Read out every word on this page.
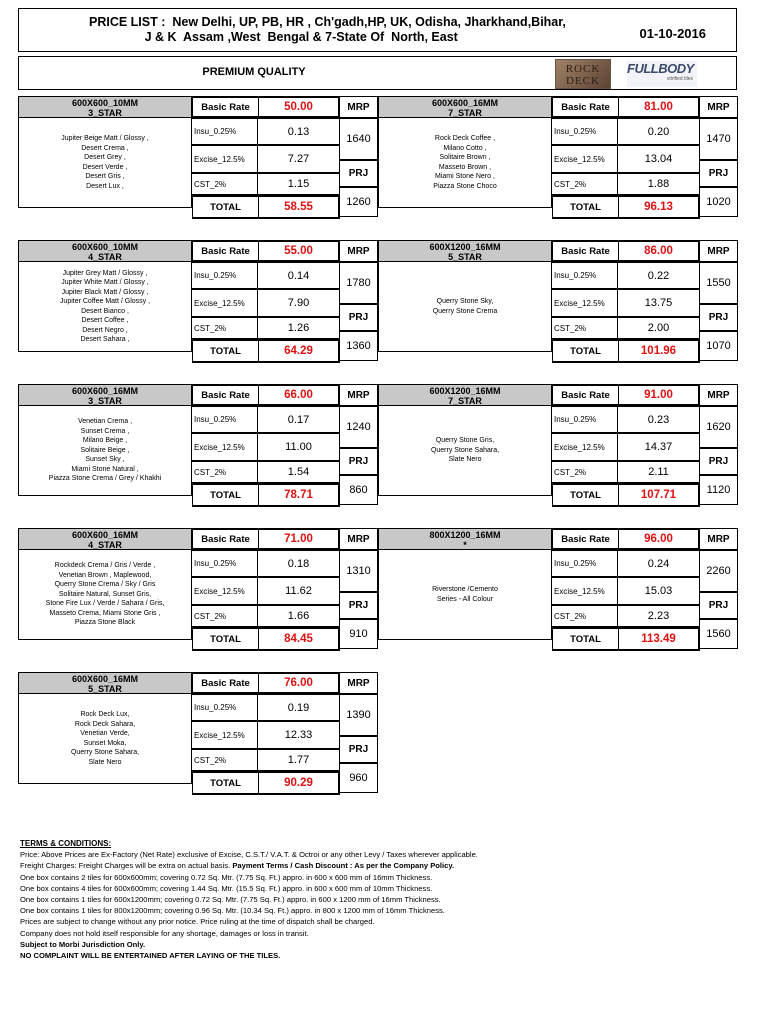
PRICE LIST :  New Delhi, UP, PB, HR , Ch'gadh,HP, UK, Odisha, Jharkhand,Bihar,
J & K  Assam ,West  Bengal & 7-State Of  North, East	01-10-2016
PREMIUM QUALITY	ROCK
DECK
FULLBODY
vitrified tiles
600X600_10MM
3_STAR
Jupiter Beige Matt / Glossy ,
Desert Crema ,
Desert Grey ,
Desert Verde ,
Desert Gris ,
Desert Lux ,
Basic Rate	50.00
Insu_0.25%	0.13
Excise_12.5%	7.27
CST_2%	1.15
TOTAL	58.55
MRP
1640
PRJ
1260
600X600_16MM
7_STAR
Rock Deck Coffee ,
Milano Cotto ,
Solitaire Brown ,
Masseto Brown ,
Miami Stone Nero ,
Piazza Stone Choco
Basic Rate	81.00
Insu_0.25%	0.20
Excise_12.5%	13.04
CST_2%	1.88
TOTAL	96.13
MRP
1470
PRJ
1020
600X600_10MM
4_STAR
Jupiter Grey Matt / Glossy ,
Jupiter White Matt / Glossy ,
Jupiter Black Matt / Glossy ,
Jupiter Coffee Matt / Glossy ,
Desert Bianco ,
Desert Coffee ,
Desert Negro ,
Desert Sahara ,
Basic Rate	55.00
Insu_0.25%	0.14
Excise_12.5%	7.90
CST_2%	1.26
TOTAL	64.29
MRP
1780
PRJ
1360
600X1200_16MM
5_STAR
Querry Stone Sky,
Querry Stone Crema
Basic Rate	86.00
Insu_0.25%	0.22
Excise_12.5%	13.75
CST_2%	2.00
TOTAL	101.96
MRP
1550
PRJ
1070
600X600_16MM
3_STAR
Venetian Crema ,
Sunset Crema ,
Milano Beige ,
Solitaire Beige ,
Sunset Sky ,
Miami Stone Natural ,
Piazza Stone Crema / Grey / Khakhi
Basic Rate	66.00
Insu_0.25%	0.17
Excise_12.5%	11.00
CST_2%	1.54
TOTAL	78.71
MRP
1240
PRJ
860
600X1200_16MM
7_STAR
Querry Stone Gris,
Querry Stone Sahara,
Slate Nero
Basic Rate	91.00
Insu_0.25%	0.23
Excise_12.5%	14.37
CST_2%	2.11
TOTAL	107.71
MRP
1620
PRJ
1120
600X600_16MM
4_STAR
Rockdeck Crema / Gris / Verde ,
Venetian Brown , Maplewood,
Querry Stone Crema / Sky / Gris
Solitaire Natural, Sunset Gris,
Stone Fire Lux / Verde / Sahara / Gris,
Masseto Crema, Miami Stone Gris ,
Piazza Stone Black
Basic Rate	71.00
Insu_0.25%	0.18
Excise_12.5%	11.62
CST_2%	1.66
TOTAL	84.45
MRP
1310
PRJ
910
800X1200_16MM
*
Riverstone /Cemento
Series - All Colour
Basic Rate	96.00
Insu_0.25%	0.24
Excise_12.5%	15.03
CST_2%	2.23
TOTAL	113.49
MRP
2260
PRJ
1560
600X600_16MM
5_STAR
Rock Deck Lux,
Rock Deck Sahara,
Venetian Verde,
Sunset Moka,
Querry Stone Sahara,
Slate Nero
Basic Rate	76.00
Insu_0.25%	0.19
Excise_12.5%	12.33
CST_2%	1.77
TOTAL	90.29
MRP
1390
PRJ
960
TERMS & CONDITIONS:
Price: Above Prices are Ex-Factory (Net Rate) exclusive of Excise, C.S.T./ V.A.T. & Octroi or any other Levy / Taxes wherever applicable.
Freight Charges: Freight Charges will be extra on actual basis. Payment Terms / Cash Discount : As per the Company Policy.
One box contains 2 tiles for 600x600mm; covering 0.72 Sq. Mtr. (7.75 Sq. Ft.) appro. in 600 x 600 mm of 16mm Thickness.
One box contains 4 tiles for 600x600mm; covering 1.44 Sq. Mtr. (15.5 Sq. Ft.) appro. in 600 x 600 mm of 10mm Thickness.
One box contains 1 tiles for 600x1200mm; covering 0.72 Sq. Mtr. (7.75 Sq. Ft.) appro. in 600 x 1200 mm of 16mm Thickness.
One box contains 1 tiles for 800x1200mm; covering 0.96 Sq. Mtr. (10.34 Sq. Ft.) appro. in 800 x 1200 mm of 16mm Thickness.
Prices are subject to change without any prior notice. Price ruling at the time of dispatch shall be charged.
Company does not hold itself responsible for any shortage, damages or loss in transit.
Subject to Morbi Jurisdiction Only.
NO COMPLAINT WILL BE ENTERTAINED AFTER LAYING OF THE TILES.
